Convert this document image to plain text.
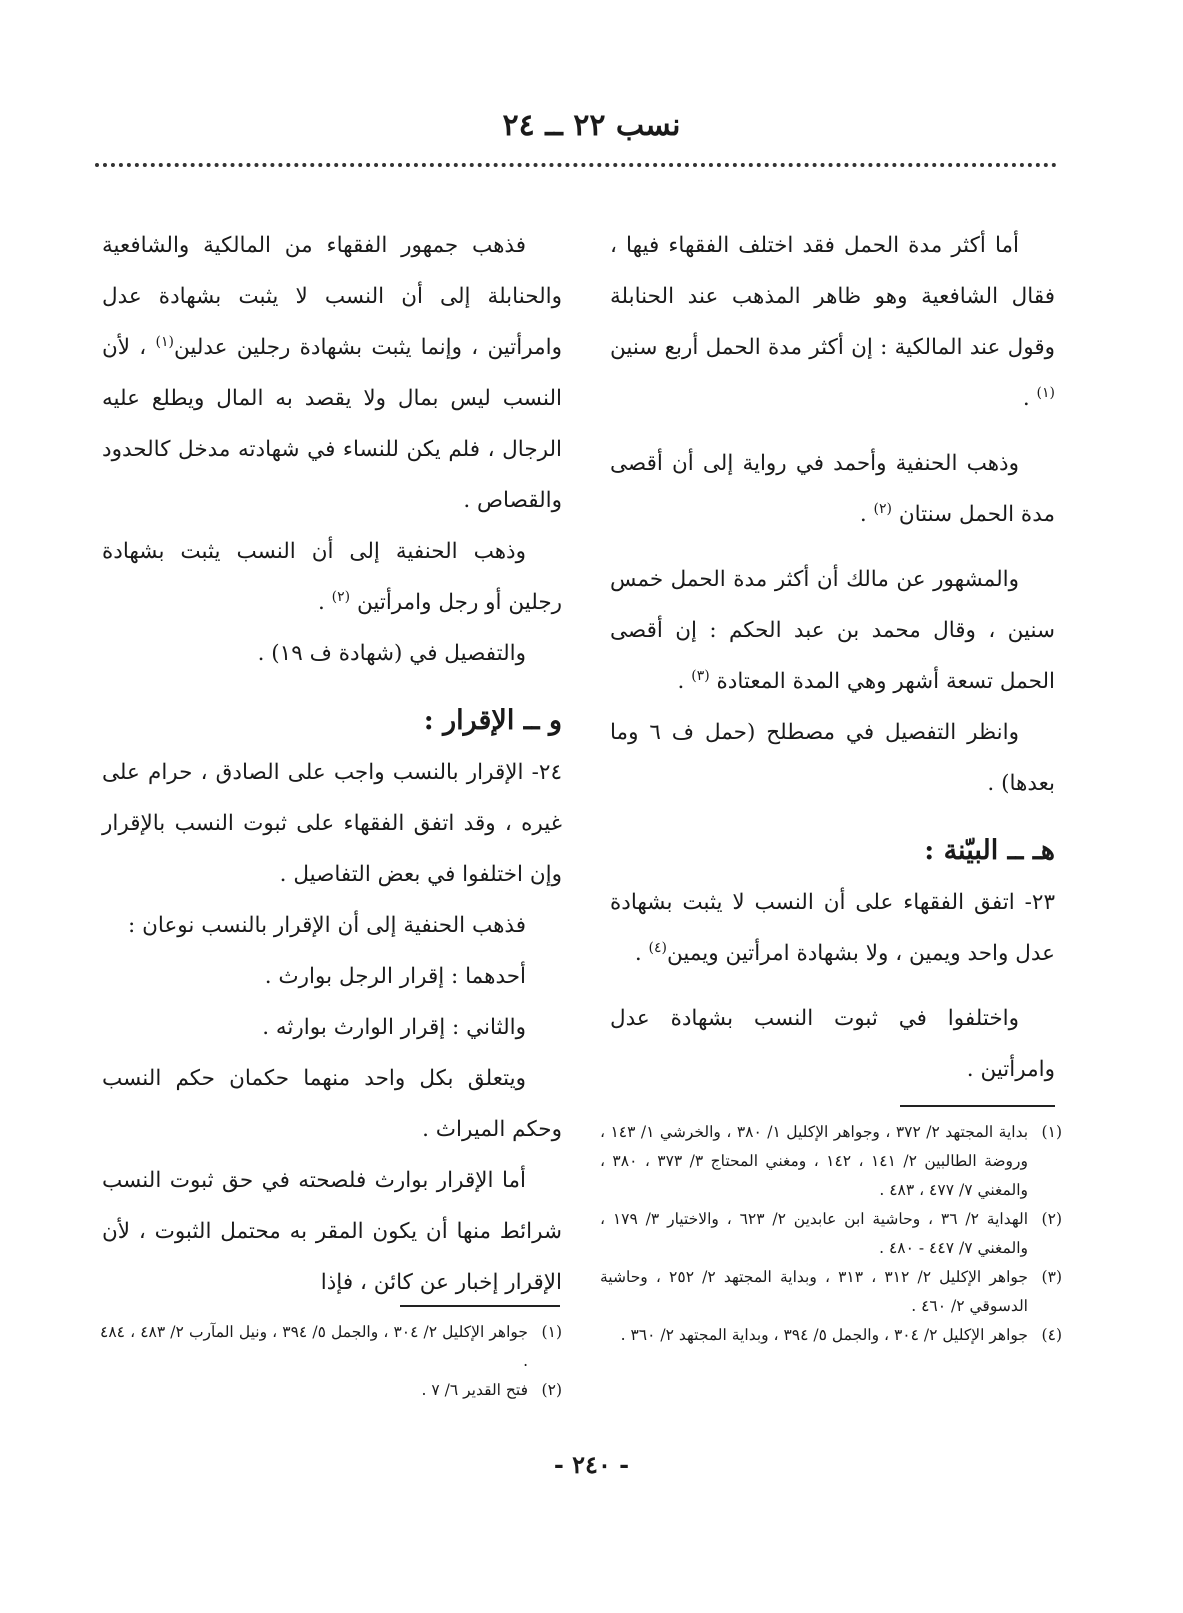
نسب ٢٢ ــ ٢٤

أما أكثر مدة الحمل فقد اختلف الفقهاء فيها ، فقال الشافعية وهو ظاهر المذهب عند الحنابلة وقول عند المالكية : إن أكثر مدة الحمل أربع سنين $^{(١)}$ .

وذهب الحنفية وأحمد في رواية إلى أن أقصى مدة الحمل سنتان $^{(٢)}$ .

والمشهور عن مالك أن أكثر مدة الحمل خمس سنين ، وقال محمد بن عبد الحكم : إن أقصى الحمل تسعة أشهر وهي المدة المعتادة $^{(٣)}$ .

وانظر التفصيل في مصطلح (حمل ف ٦ وما بعدها) .

هـ ــ البيّنة :

٢٣- اتفق الفقهاء على أن النسب لا يثبت بشهادة عدل واحد ويمين ، ولا بشهادة امرأتين ويمين$^{(٤)}$ .

واختلفوا في ثبوت النسب بشهادة عدل وامرأتين .

فذهب جمهور الفقهاء من المالكية والشافعية والحنابلة إلى أن النسب لا يثبت بشهادة عدل وامرأتين ، وإنما يثبت بشهادة رجلين عدلين$^{(١)}$ ، لأن النسب ليس بمال ولا يقصد به المال ويطلع عليه الرجال ، فلم يكن للنساء في شهادته مدخل كالحدود والقصاص .

وذهب الحنفية إلى أن النسب يثبت بشهادة رجلين أو رجل وامرأتين $^{(٢)}$ .

والتفصيل في (شهادة ف ١٩) .

و ــ الإقرار :

٢٤- الإقرار بالنسب واجب على الصادق ، حرام على غيره ، وقد اتفق الفقهاء على ثبوت النسب بالإقرار وإن اختلفوا في بعض التفاصيل .

فذهب الحنفية إلى أن الإقرار بالنسب نوعان :

أحدهما : إقرار الرجل بوارث .

والثاني : إقرار الوارث بوارثه .

ويتعلق بكل واحد منهما حكمان حكم النسب وحكم الميراث .

أما الإقرار بوارث فلصحته في حق ثبوت النسب شرائط منها أن يكون المقر به محتمل الثبوت ، لأن الإقرار إخبار عن كائن ، فإذا

(١)
بداية المجتهد ٢/ ٣٧٢ ، وجواهر الإكليل ١/ ٣٨٠ ، والخرشي ١/ ١٤٣ ، وروضة الطالبين ٢/ ١٤١ ، ١٤٢ ، ومغني المحتاج ٣/ ٣٧٣ ، ٣٨٠ ، والمغني ٧/ ٤٧٧ ، ٤٨٣ .
(٢)
الهداية ٢/ ٣٦ ، وحاشية ابن عابدين ٢/ ٦٢٣ ، والاختيار ٣/ ١٧٩ ، والمغني ٧/ ٤٤٧ - ٤٨٠ .
(٣)
جواهر الإكليل ٢/ ٣١٢ ، ٣١٣ ، وبداية المجتهد ٢/ ٢٥٢ ، وحاشية الدسوقي ٢/ ٤٦٠ .
(٤)
جواهر الإكليل ٢/ ٣٠٤ ، والجمل ٥/ ٣٩٤ ، وبداية المجتهد ٢/ ٣٦٠ .
(١)
جواهر الإكليل ٢/ ٣٠٤ ، والجمل ٥/ ٣٩٤ ، ونيل المآرب ٢/ ٤٨٣ ، ٤٨٤ .
(٢)
فتح القدير ٦/ ٧ .
- ٢٤٠ -
